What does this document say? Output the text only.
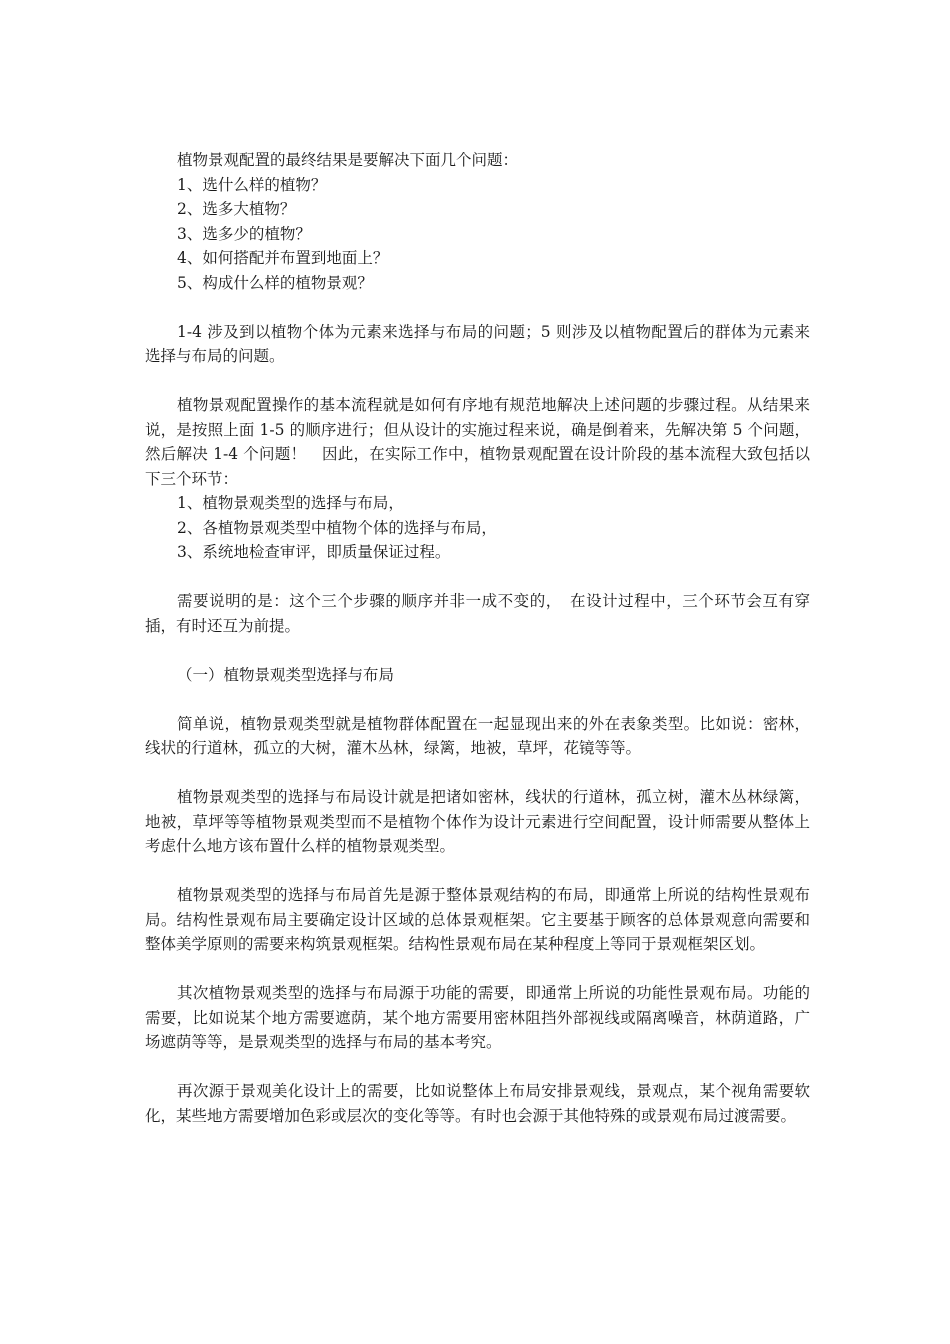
植物景观配置的最终结果是要解决下面几个问题：

1、选什么样的植物？

2、选多大植物？

3、选多少的植物？

4、如何搭配并布置到地面上？

5、构成什么样的植物景观？

1-4 涉及到以植物个体为元素来选择与布局的问题；5 则涉及以植物配置后的群体为元素来选择与布局的问题。

植物景观配置操作的基本流程就是如何有序地有规范地解决上述问题的步骤过程。从结果来说，是按照上面 1-5 的顺序进行；但从设计的实施过程来说，确是倒着来，先解决第 5 个问题，然后解决 1-4 个问题！　因此，在实际工作中，植物景观配置在设计阶段的基本流程大致包括以下三个环节：

1、植物景观类型的选择与布局，

2、各植物景观类型中植物个体的选择与布局，

3、系统地检查审评，即质量保证过程。

需要说明的是：这个三个步骤的顺序并非一成不变的，　在设计过程中，三个环节会互有穿插，有时还互为前提。

（一）植物景观类型选择与布局

简单说，植物景观类型就是植物群体配置在一起显现出来的外在表象类型。比如说：密林，线状的行道林，孤立的大树，灌木丛林，绿篱，地被，草坪，花镜等等。

植物景观类型的选择与布局设计就是把诸如密林，线状的行道林，孤立树，灌木丛林绿篱，地被，草坪等等植物景观类型而不是植物个体作为设计元素进行空间配置，设计师需要从整体上考虑什么地方该布置什么样的植物景观类型。

植物景观类型的选择与布局首先是源于整体景观结构的布局，即通常上所说的结构性景观布局。结构性景观布局主要确定设计区域的总体景观框架。它主要基于顾客的总体景观意向需要和整体美学原则的需要来构筑景观框架。结构性景观布局在某种程度上等同于景观框架区划。

其次植物景观类型的选择与布局源于功能的需要，即通常上所说的功能性景观布局。功能的需要，比如说某个地方需要遮荫，某个地方需要用密林阻挡外部视线或隔离噪音，林荫道路，广场遮荫等等，是景观类型的选择与布局的基本考究。

再次源于景观美化设计上的需要，比如说整体上布局安排景观线，景观点，某个视角需要软化，某些地方需要增加色彩或层次的变化等等。有时也会源于其他特殊的或景观布局过渡需要。
